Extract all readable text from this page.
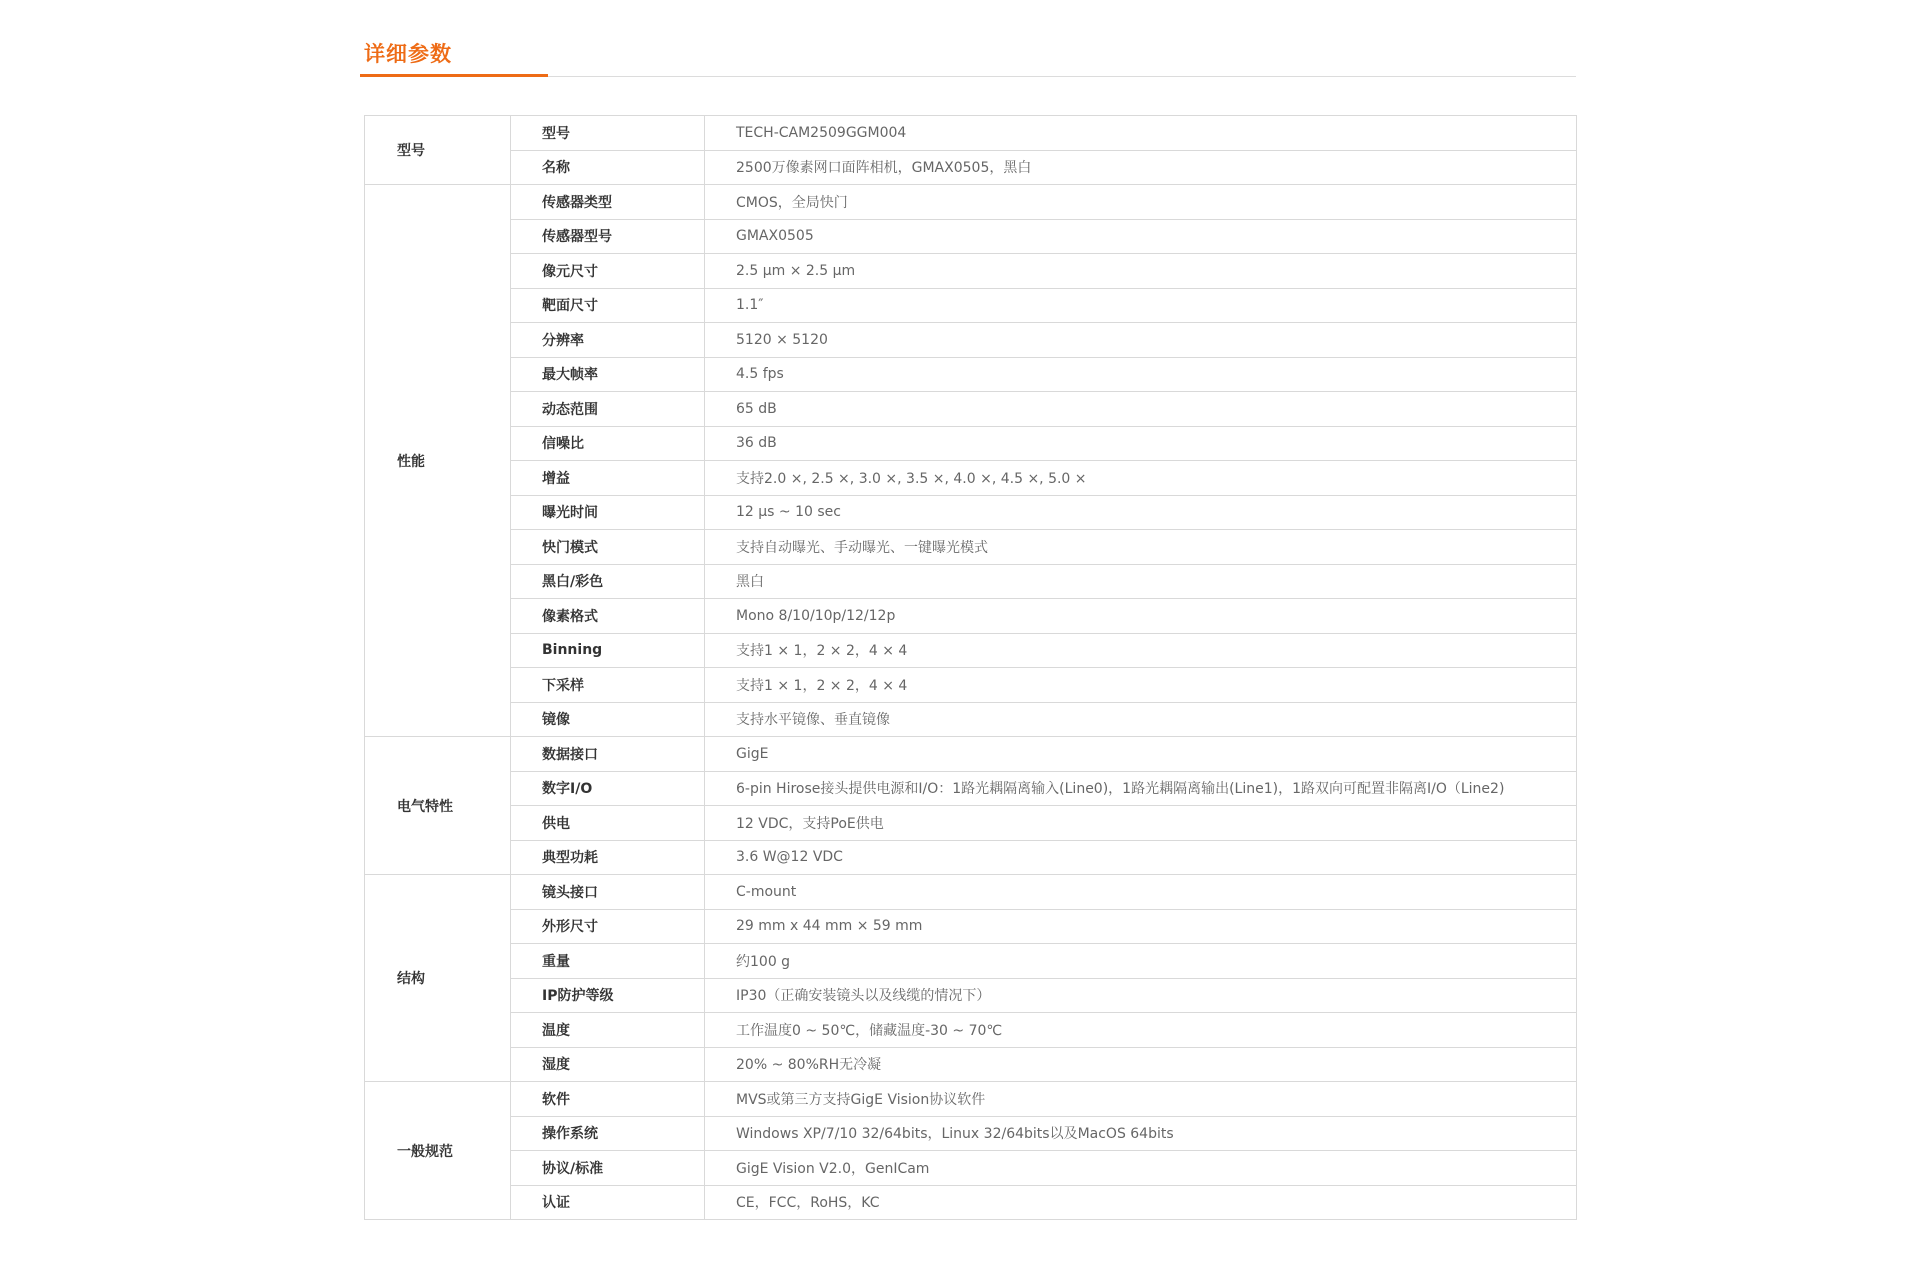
详细参数
型号	型号	TECH-CAM2509GGM004
	名称	2500万像素网口面阵相机，GMAX0505，黑白
性能	传感器类型	CMOS，全局快门
	传感器型号	GMAX0505
	像元尺寸	2.5 μm × 2.5 μm
	靶面尺寸	1.1″
	分辨率	5120 × 5120
	最大帧率	4.5 fps
	动态范围	65 dB
	信噪比	36 dB
	增益	支持2.0 ×, 2.5 ×, 3.0 ×, 3.5 ×, 4.0 ×, 4.5 ×, 5.0 ×
	曝光时间	12 μs ~ 10 sec
	快门模式	支持自动曝光、手动曝光、一键曝光模式
	黑白/彩色	黑白
	像素格式	Mono 8/10/10p/12/12p
	Binning	支持1 × 1，2 × 2，4 × 4
	下采样	支持1 × 1，2 × 2，4 × 4
	镜像	支持水平镜像、垂直镜像
电气特性	数据接口	GigE
	数字I/O	6-pin Hirose接头提供电源和I/O：1路光耦隔离输入(Line0)，1路光耦隔离输出(Line1)，1路双向可配置非隔离I/O（Line2)
	供电	12 VDC，支持PoE供电
	典型功耗	3.6 W@12 VDC
结构	镜头接口	C-mount
	外形尺寸	29 mm x 44 mm × 59 mm
	重量	约100 g
	IP防护等级	IP30（正确安装镜头以及线缆的情况下）
	温度	工作温度0 ~ 50℃，储藏温度-30 ~ 70℃
	湿度	20% ~ 80%RH无冷凝
一般规范	软件	MVS或第三方支持GigE Vision协议软件
	操作系统	Windows XP/7/10 32/64bits，Linux 32/64bits以及MacOS 64bits
	协议/标准	GigE Vision V2.0，GenICam
	认证	CE，FCC，RoHS，KC
